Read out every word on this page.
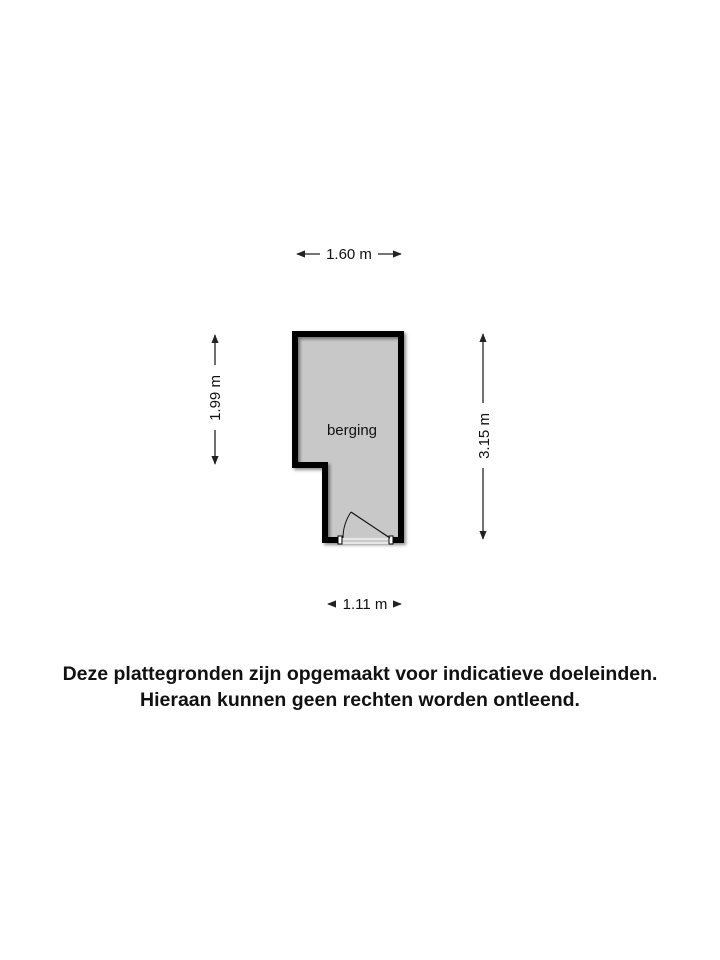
1.60 m
1.99 m
3.15 m
1.11 m
berging
Deze plattegronden zijn opgemaakt voor indicatieve doeleinden.
Hieraan kunnen geen rechten worden ontleend.
